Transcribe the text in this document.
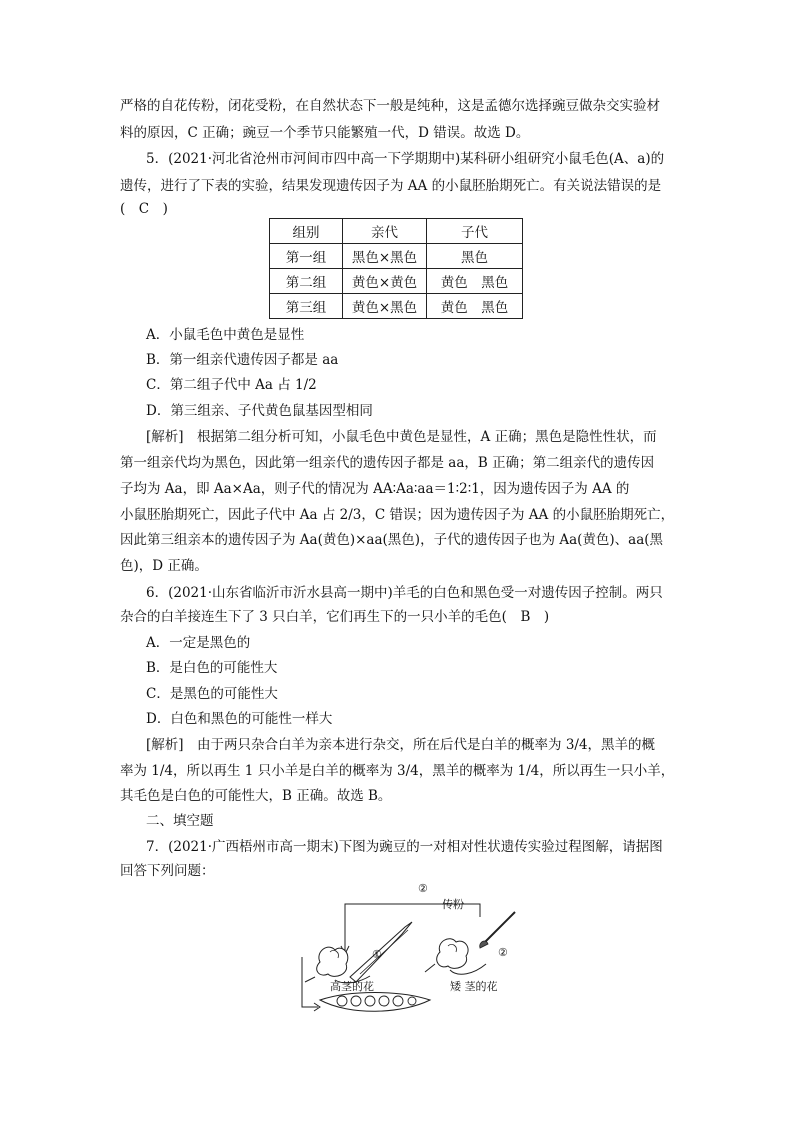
严格的自花传粉，闭花受粉，在自然状态下一般是纯种，这是孟德尔选择豌豆做杂交实验材
料的原因，C 正确；豌豆一个季节只能繁殖一代，D 错误。故选 D。
5．(2021·河北省沧州市河间市四中高一下学期期中)某科研小组研究小鼠毛色(A、a)的
遗传，进行了下表的实验，结果发现遗传因子为 AA 的小鼠胚胎期死亡。有关说法错误的是
(　C　)
组别	亲代	子代
第一组	黑色×黑色	黑色
第二组	黄色×黄色	黄色　黑色
第三组	黄色×黑色	黄色　黑色
A．小鼠毛色中黄色是显性
B．第一组亲代遗传因子都是 aa
C．第二组子代中 Aa 占 1/2
D．第三组亲、子代黄色鼠基因型相同
[解析]　根据第二组分析可知，小鼠毛色中黄色是显性，A 正确；黑色是隐性性状，而
第一组亲代均为黑色，因此第一组亲代的遗传因子都是 aa，B 正确；第二组亲代的遗传因
子均为 Aa，即 Aa×Aa，则子代的情况为 AA∶Aa∶aa＝1∶2∶1，因为遗传因子为 AA 的
小鼠胚胎期死亡，因此子代中 Aa 占 2/3，C 错误；因为遗传因子为 AA 的小鼠胚胎期死亡，
因此第三组亲本的遗传因子为 Aa(黄色)×aa(黑色)，子代的遗传因子也为 Aa(黄色)、aa(黑
色)，D 正确。
6．(2021·山东省临沂市沂水县高一期中)羊毛的白色和黑色受一对遗传因子控制。两只
杂合的白羊接连生下了 3 只白羊，它们再生下的一只小羊的毛色(　B　)
A．一定是黑色的
B．是白色的可能性大
C．是黑色的可能性大
D．白色和黑色的可能性一样大
[解析]　由于两只杂合白羊为亲本进行杂交，所在后代是白羊的概率为 3/4，黑羊的概
率为 1/4，所以再生 1 只小羊是白羊的概率为 3/4，黑羊的概率为 1/4，所以再生一只小羊，
其毛色是白色的可能性大，B 正确。故选 B。
二、填空题
7．(2021·广西梧州市高一期末)下图为豌豆的一对相对性状遗传实验过程图解，请据图
回答下列问题：
②
传粉
①	②
高茎的花	矮 茎的花
